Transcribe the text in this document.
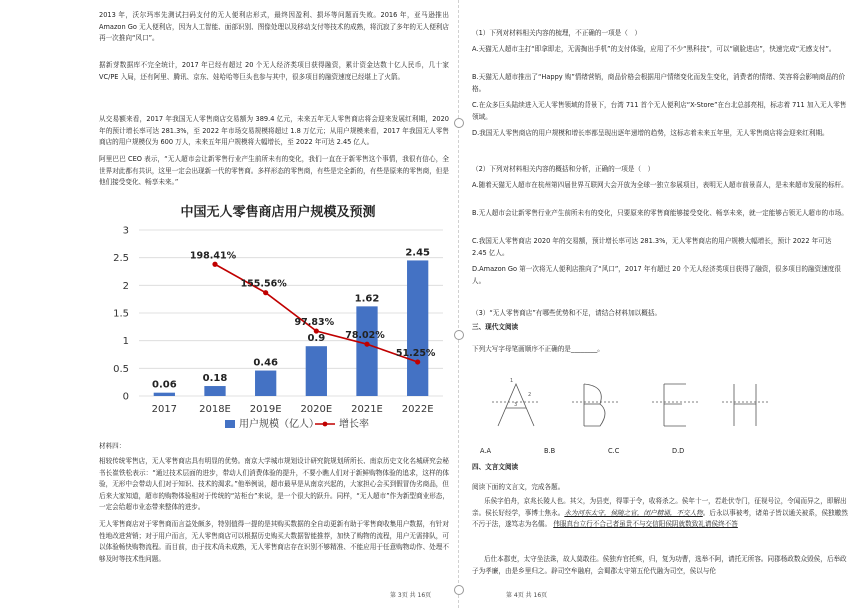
2013 年，沃尔玛率先测试扫码支付的无人便利店形式，最终因盈利、损坏等问题而失败。2016 年，亚马逊推出 Amazon Go 无人便利店，因为人工智能、面部识别、图像处理以及移动支付等技术的成熟，将沉寂了多年的无人便利店再一次推向“风口”。

据新芽数据库不完全统计，2017 年已经有超过 20 个无人经济类项目获得融资，累计资金达数十亿人民币，几十家 VC/PE 入局，还有阿里、腾讯、京东、娃哈哈等巨头也参与其中，很多项目的融资速度已经堪上了火箭。

从交易额来看，2017 年我国无人零售商店交易额为 389.4 亿元，未来五年无人零售商店将会迎来发展红利期，2020 年的预计增长率可达 281.3%，至 2022 年市场交易规模将超过 1.8 万亿元；从用户规模来看，2017 年我国无人零售商店的用户规模仅为 600 万人，未来五年用户规模将大幅增长，至 2022 年可达 2.45 亿人。

阿里巴巴 CEO 表示，“无人超市会让新零售行业产生前所未有的变化，我们一直在于新零售这个事情，我很有信心，全世界对此都有共识，这里一定会出现新一代的零售商。多样形态的零售商，有些是完全新的，有些是原来的零售商，但是他们接受变化、畅享未来。”

中国无人零售商店用户规模及预测
0
0.5
1
1.5
2
2.5
3
0.06
0.18
0.46
0.9
1.62
2.45
2017 2018E 2019E 2020E 2021E 2022E
198.41%
155.56%
97.83%
78.02%
51.25%
用户规模（亿人） 增长率

材料四：

相较传统零售店，无人零售商店具有明显的优势。南京大学城市规划设计研究院规划所所长、南京历史文化名城研究会秘书长崔铁松表示：“通过技术层面的进步，带动人们消费体验的提升，不要小瞧人们对于新鲜购物体验的追求，这样的体验，无形中会带动人们对于知识、技术的渴求。”他举例说，超市最早是从南京兴起的，大家担心会买到假冒伪劣商品，但后来大家知道，超市的购物体验相对于传统的“站柜台”来说，是一个很大的跃升。同样，“无人超市”作为新型商业形态，一定会给超市业态带来整体的进步。

无人零售商店对于零售商而言益处颇多，特别值得一提的是其购买数据的全自动更新有助于零售商收集用户数据，有针对性地改进营销；对于用户而言，无人零售商店可以根据历史购买大数据智能推荐，加快了购物的流程，用户无需排队，可以体验畅快购物流程。而目前，由于技术尚未成熟，无人零售商店存在识别不够精准、不能应用于任意购物动作、处理不够及时等技术性问题。

第 3页 共 16页

（1）下列对材料相关内容的梳理，不正确的一项是（　）

A.天猫无人超市主打“即拿即走，无需掏出手机”的支付体验，应用了不少“黑科技”，可以“刷脸进店”，快速完成“无感支付”。

B.天猫无人超市推出了“Happy 购”情绪营销，商品价格会根据用户情绪变化而发生变化，消费者的情绪、笑容将会影响商品的价格。

C.在众多巨头陆续进入无人零售领域的背景下，台湾 711 首个无人便利店“X-Store”在台北总部亮相，标志着 711 加入无人零售领域。

D.我国无人零售商店的用户规模和增长率都呈现出逐年递增的趋势，这标志着未来五年里，无人零售商店将会迎来红利期。

（2）下列对材料相关内容的概括和分析，正确的一项是（　）

A.随着天猫无人超市在杭州第四届世界互联网大会开放为全球一独立参展项目，表明无人超市前景喜人，是未来超市发展的标杆。

B.无人超市会让新零售行业产生前所未有的变化，只要原来的零售商能够接受变化、畅享未来，就一定能够占领无人超市的市场。

C.我国无人零售商店 2020 年的交易额，预计增长率可达 281.3%，无人零售商店的用户规模大幅增长，预计 2022 年可达 2.45 亿人。

D.Amazon Go 第一次将无人便利店推向了“风口”，2017 年有超过 20 个无人经济类项目获得了融资，很多项目的融资速度很人。

（3）“无人零售商店”有哪些优势和不足，请结合材料加以概括。

三、现代文阅读

下列大写字母笔画顺序不正确的是________。

1
2
3
A.A	B.B	C.C	D.D

四、文言文阅读

阅读下面的文言文，完成各题。

乐侯字伯舟，京兆长陵人也。其父，为县吏，得罪于令，收将杀之。侯年十一，若赴伏寺门，征视号泣，令闻而异之，即解出亲。侯长好经学，事博士焦永。永为河东太守，侯随之官，闭户精诵，不交人物。后永以事被考，诸弟子皆以通关被系，侯独皦然不污于法，遂笃志为名儒。 伟服真台立行不合己者虽贵不与交信阳侯阴就数致礼请侯终不答

后仕本郡吏，太守坐法诛，故人莫敢往。侯独弃官托殡，归，复为功曹，选举不阿，请托无所容。同郡杨政数众毁侯，后举政子为孝廉，由是乡里归之。辟司空牟融府，会蜀郡太守第五伦代融为司空，侯以与伦

第 4页 共 16页
